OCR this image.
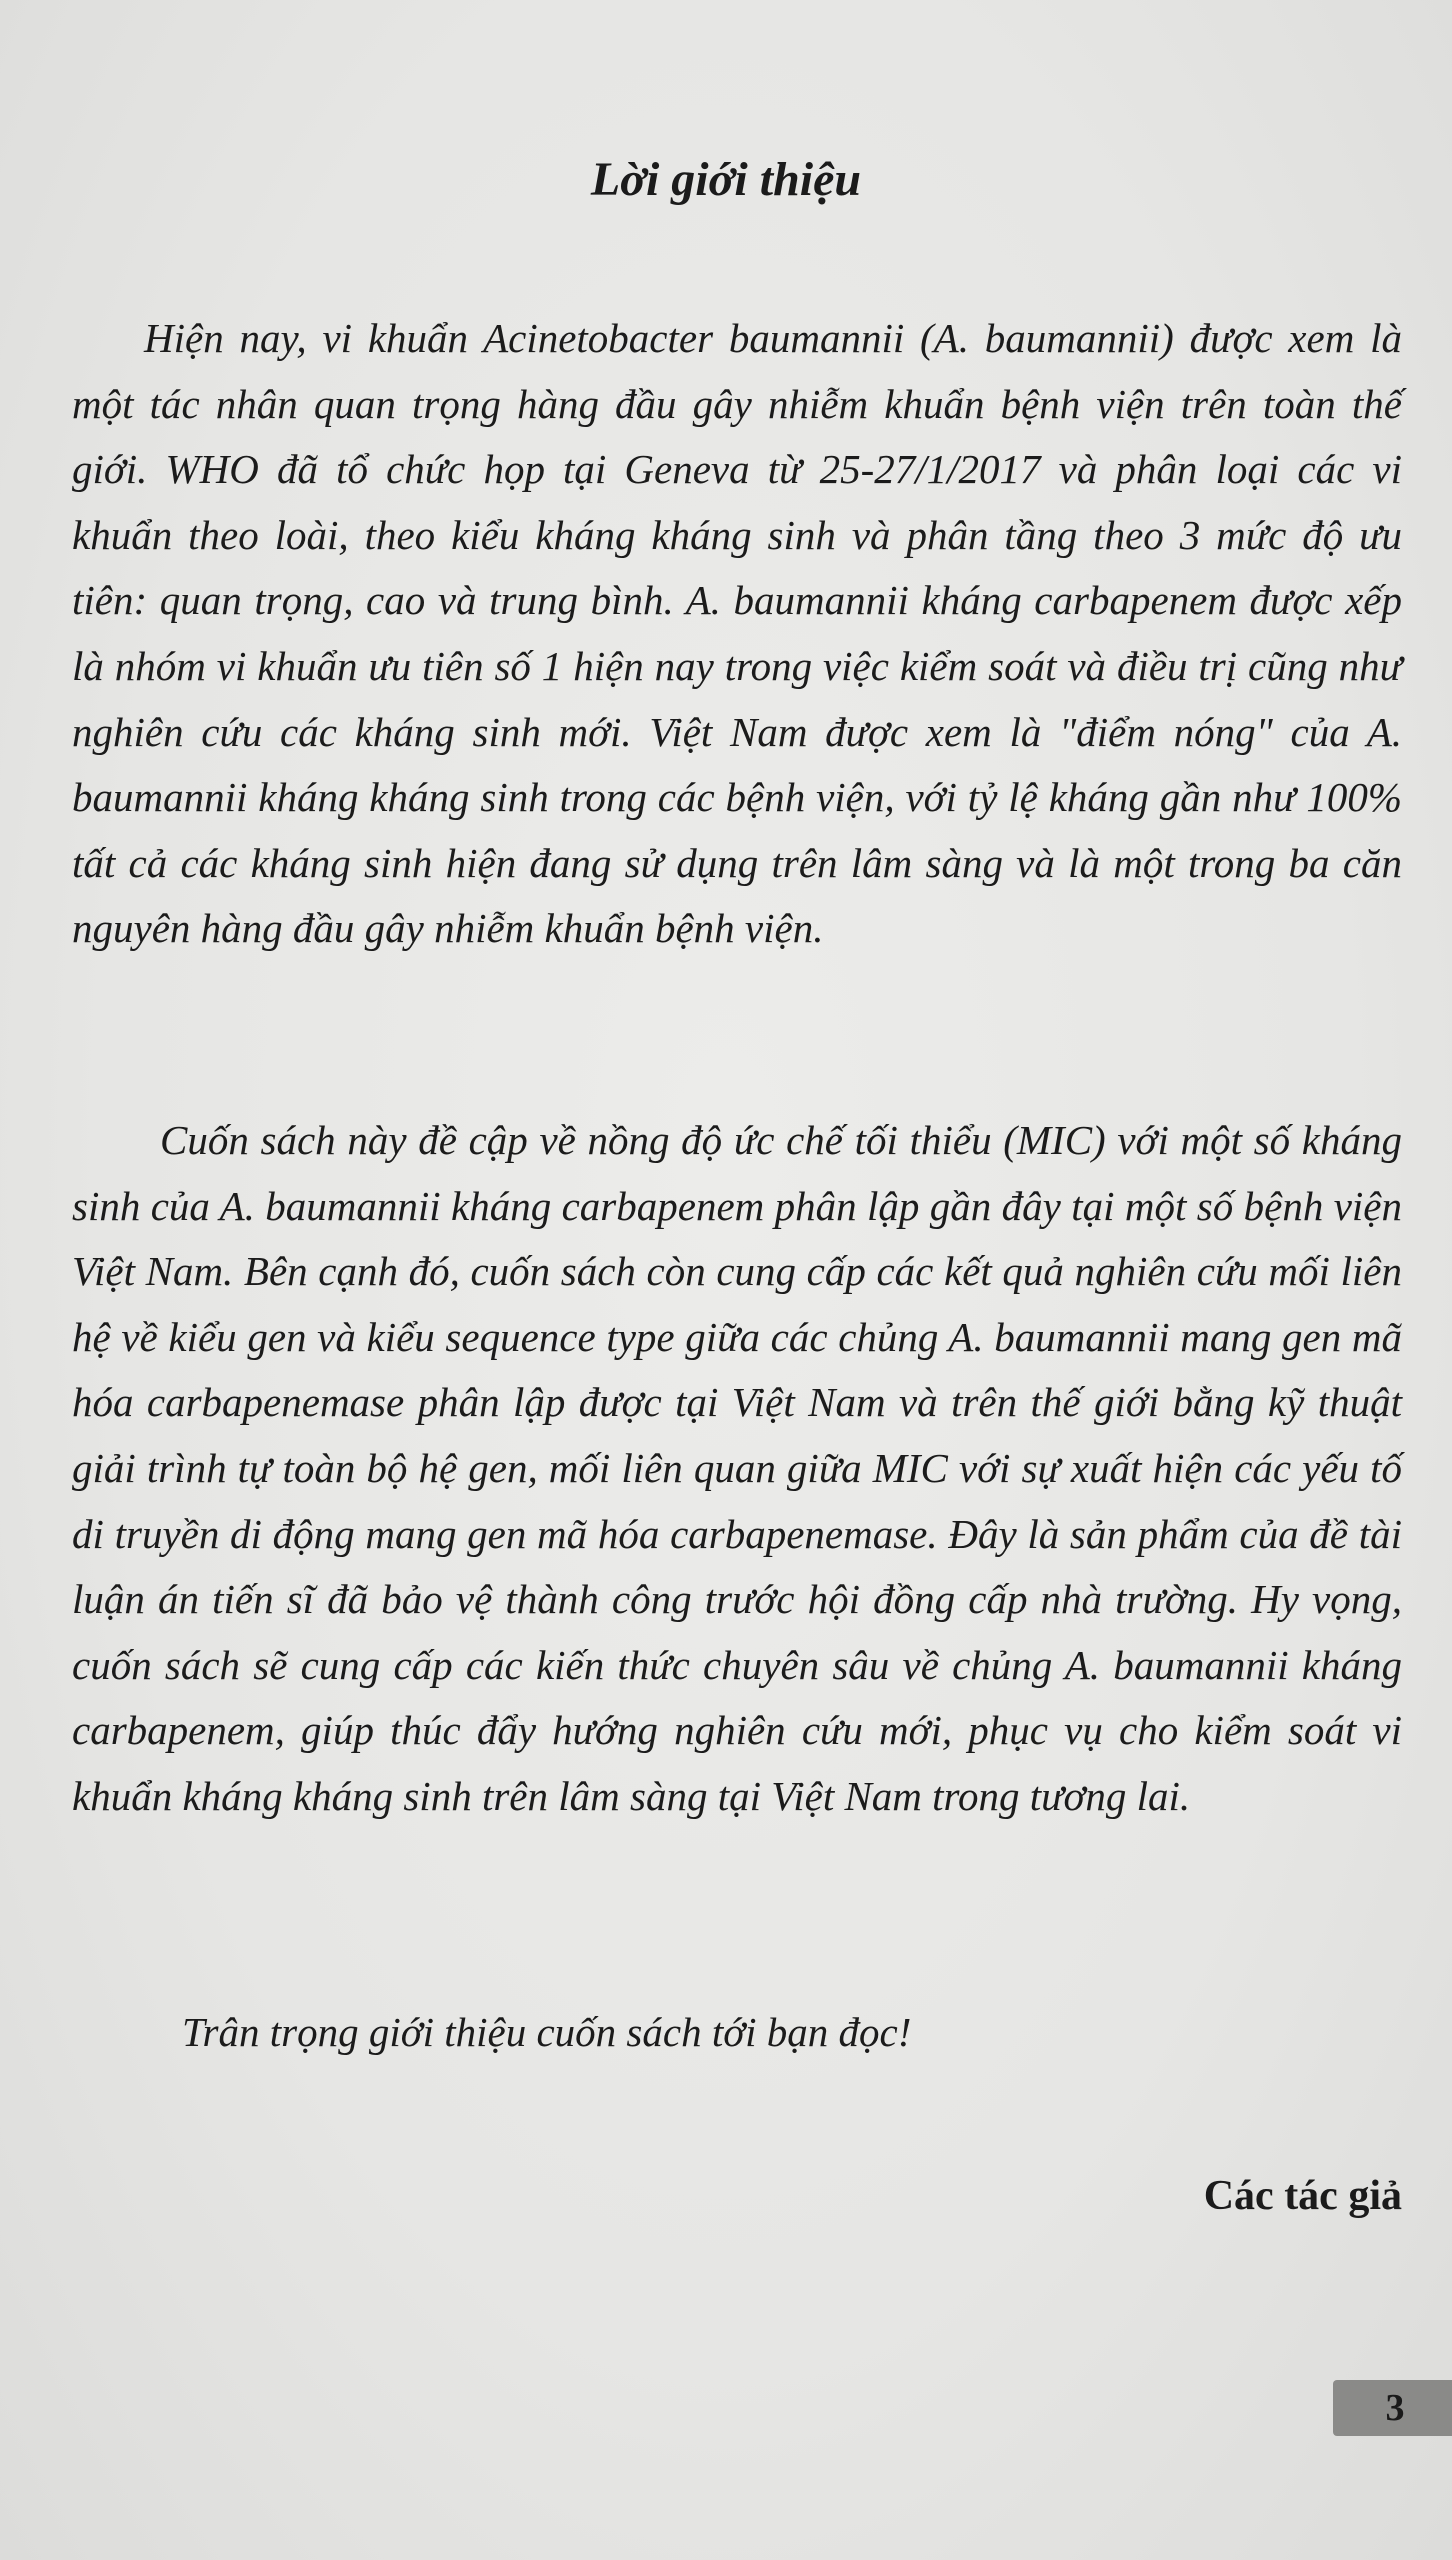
Lời giới thiệu

Hiện nay, vi khuẩn Acinetobacter baumannii (A. baumannii) được xem là một tác nhân quan trọng hàng đầu gây nhiễm khuẩn bệnh viện trên toàn thế giới. WHO đã tổ chức họp tại Geneva từ 25-27/1/2017 và phân loại các vi khuẩn theo loài, theo kiểu kháng kháng sinh và phân tầng theo 3 mức độ ưu tiên: quan trọng, cao và trung bình. A. baumannii kháng carbapenem được xếp là nhóm vi khuẩn ưu tiên số 1 hiện nay trong việc kiểm soát và điều trị cũng như nghiên cứu các kháng sinh mới. Việt Nam được xem là "điểm nóng" của A. baumannii kháng kháng sinh trong các bệnh viện, với tỷ lệ kháng gần như 100% tất cả các kháng sinh hiện đang sử dụng trên lâm sàng và là một trong ba căn nguyên hàng đầu gây nhiễm khuẩn bệnh viện.

Cuốn sách này đề cập về nồng độ ức chế tối thiểu (MIC) với một số kháng sinh của A. baumannii kháng carbapenem phân lập gần đây tại một số bệnh viện Việt Nam. Bên cạnh đó, cuốn sách còn cung cấp các kết quả nghiên cứu mối liên hệ về kiểu gen và kiểu sequence type giữa các chủng A. baumannii mang gen mã hóa carbapenemase phân lập được tại Việt Nam và trên thế giới bằng kỹ thuật giải trình tự toàn bộ hệ gen, mối liên quan giữa MIC với sự xuất hiện các yếu tố di truyền di động mang gen mã hóa carbapenemase. Đây là sản phẩm của đề tài luận án tiến sĩ đã bảo vệ thành công trước hội đồng cấp nhà trường. Hy vọng, cuốn sách sẽ cung cấp các kiến thức chuyên sâu về chủng A. baumannii kháng carbapenem, giúp thúc đẩy hướng nghiên cứu mới, phục vụ cho kiểm soát vi khuẩn kháng kháng sinh trên lâm sàng tại Việt Nam trong tương lai.

Trân trọng giới thiệu cuốn sách tới bạn đọc!
Các tác giả
3
